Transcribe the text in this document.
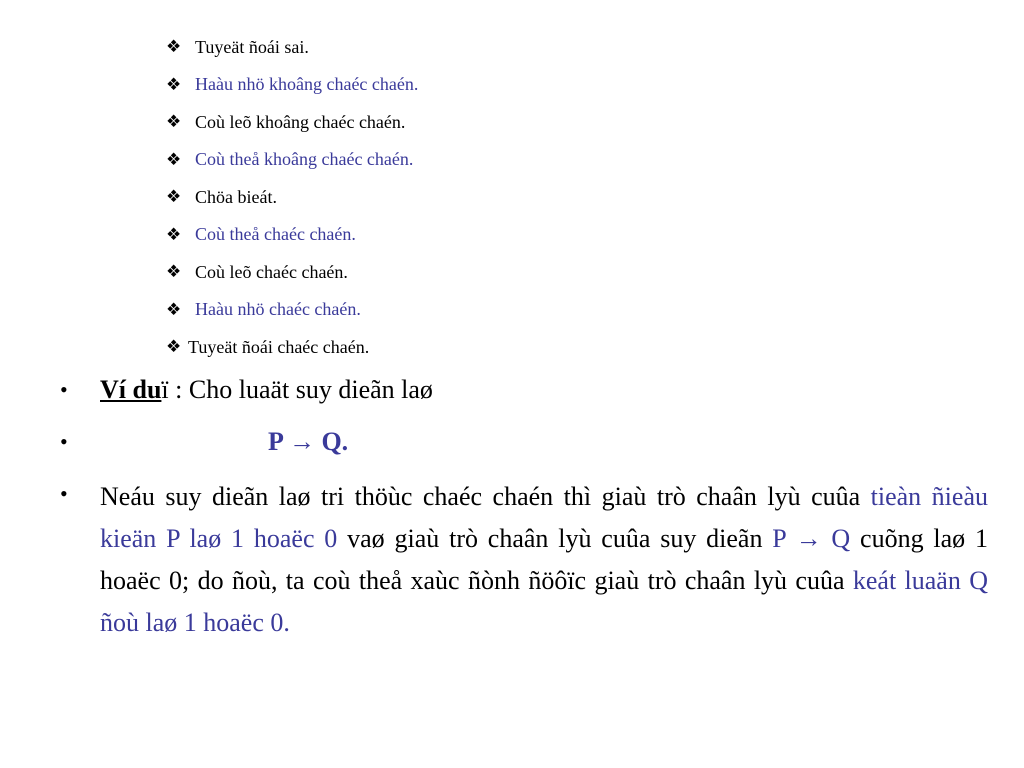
❖ Tuyeät ñoái sai.
❖ Haàu nhö khoâng chaéc chaén.
❖ Coù leõ khoâng chaéc chaén.
❖ Coù theå khoâng chaéc chaén.
❖ Chöa bieát.
❖ Coù theå chaéc chaén.
❖ Coù leõ chaéc chaén.
❖ Haàu nhö chaéc chaén.
❖ Tuyeät ñoái chaéc chaén.
• Ví duï : Cho luaät suy dieãn laø
•	P → Q.
• Neáu suy dieãn laø tri thöùc chaéc chaén thì giaù trò chaân lyù cuûa tieàn ñieàu kieän P laø 1 hoaëc 0 vaø giaù trò chaân lyù cuûa suy dieãn P → Q cuõng laø 1 hoaëc 0; do ñoù, ta coù theå xaùc ñònh ñöôïc giaù trò chaân lyù cuûa keát luaän Q ñoù laø 1 hoaëc 0.
